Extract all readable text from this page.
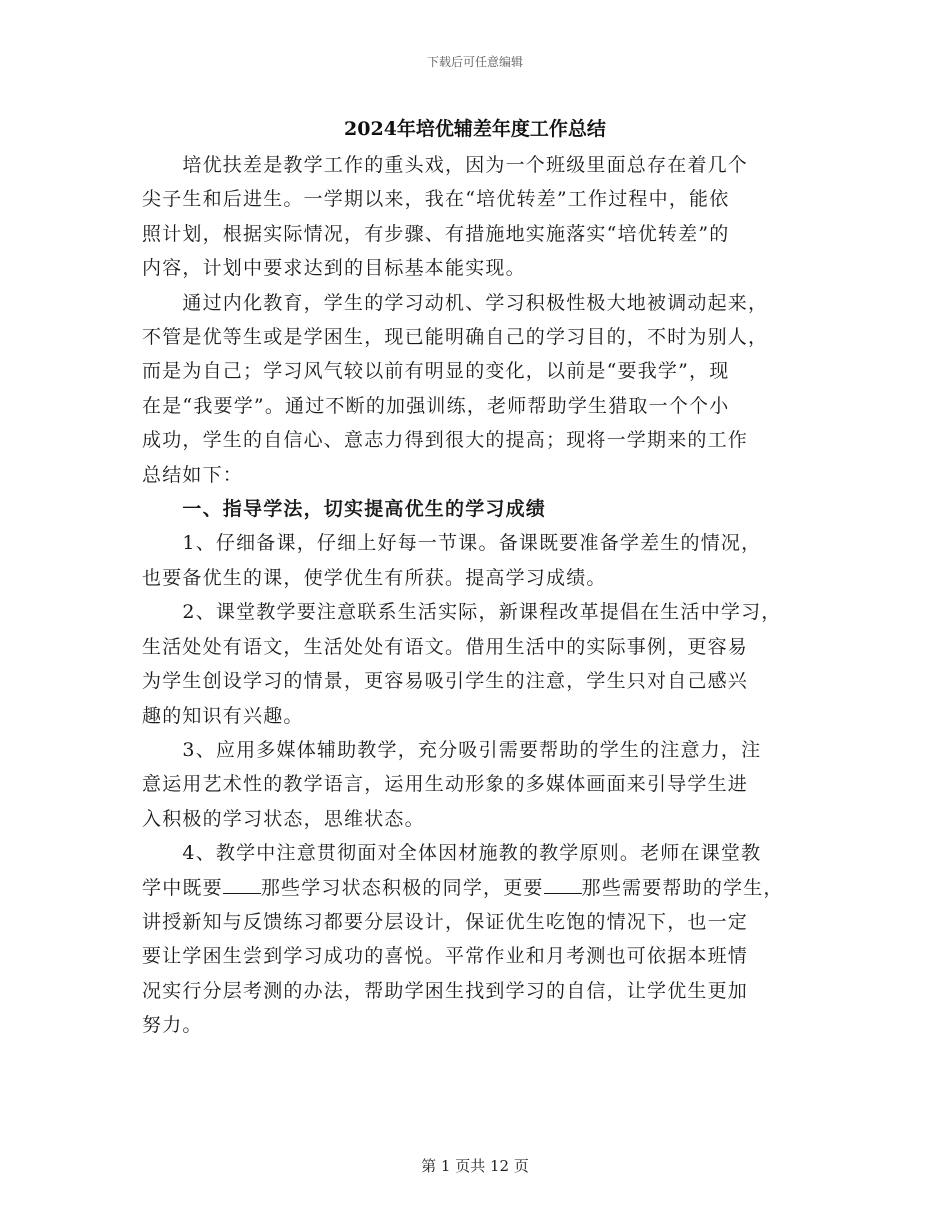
下载后可任意编辑
2024年培优辅差年度工作总结
　　培优扶差是教学工作的重头戏，因为一个班级里面总存在着几个
尖子生和后进生。一学期以来，我在“培优转差”工作过程中，能依
照计划，根据实际情况，有步骤、有措施地实施落实“培优转差”的
内容，计划中要求达到的目标基本能实现。
　　通过内化教育，学生的学习动机、学习积极性极大地被调动起来，
不管是优等生或是学困生，现已能明确自己的学习目的，不时为别人，
而是为自己；学习风气较以前有明显的变化，以前是“要我学”，现
在是“我要学”。通过不断的加强训练，老师帮助学生猎取一个个小
成功，学生的自信心、意志力得到很大的提高；现将一学期来的工作
总结如下：
　　一、指导学法，切实提高优生的学习成绩
　　1、仔细备课，仔细上好每一节课。备课既要准备学差生的情况，
也要备优生的课，使学优生有所获。提高学习成绩。
　　2、课堂教学要注意联系生活实际，新课程改革提倡在生活中学习，
生活处处有语文，生活处处有语文。借用生活中的实际事例，更容易
为学生创设学习的情景，更容易吸引学生的注意，学生只对自己感兴
趣的知识有兴趣。
　　3、应用多媒体辅助教学，充分吸引需要帮助的学生的注意力，注
意运用艺术性的教学语言，运用生动形象的多媒体画面来引导学生进
入积极的学习状态，思维状态。
　　4、教学中注意贯彻面对全体因材施教的教学原则。老师在课堂教
学中既要 那些学习状态积极的同学，更要 那些需要帮助的学生，
讲授新知与反馈练习都要分层设计，保证优生吃饱的情况下，也一定
要让学困生尝到学习成功的喜悦。平常作业和月考测也可依据本班情
况实行分层考测的办法，帮助学困生找到学习的自信，让学优生更加
努力。
第 1 页共 12 页
